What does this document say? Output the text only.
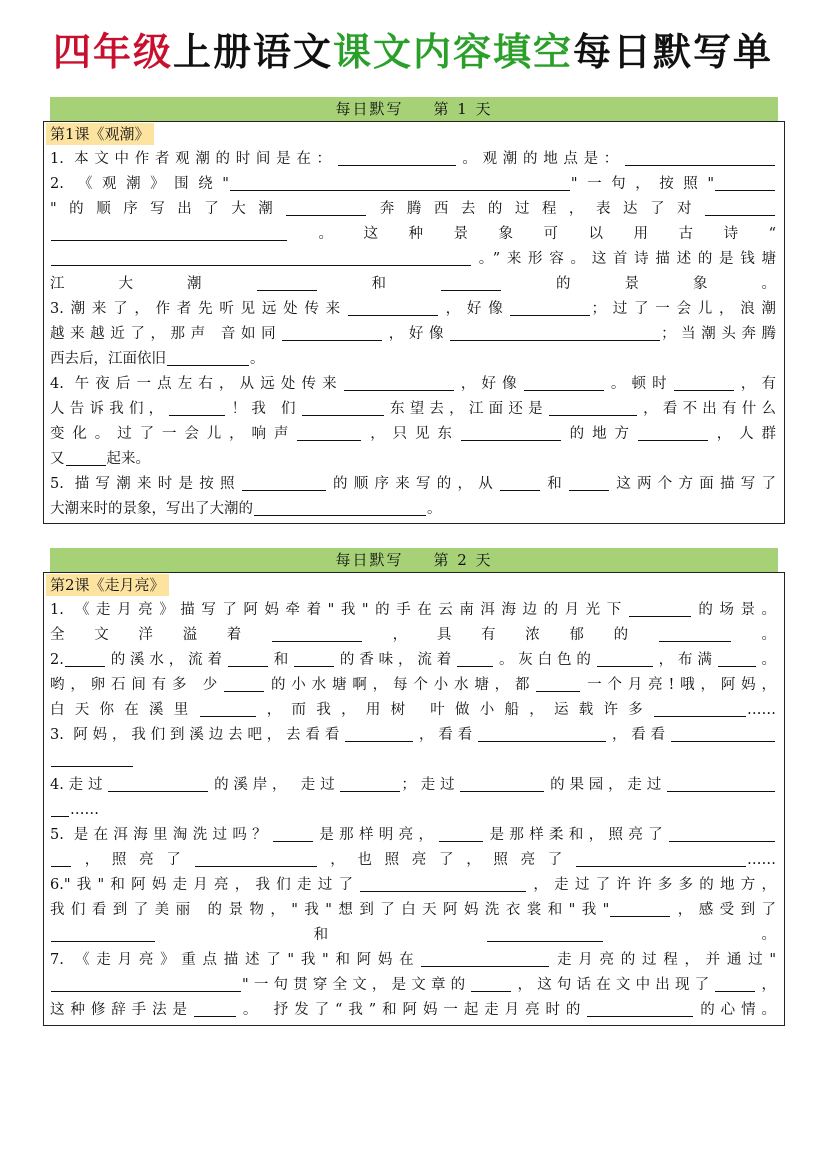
四年级上册语文课文内容填空每日默写单
每日默写 第 1 天
第1课《观潮》
1. 本文中作者观潮的时间是在：	。观潮的地点是：
2. 《观潮》围绕"	"一句，按照"
"的顺序写出了大潮	奔腾西去的过程，表达了对
。这种景象可以用古诗“
。”来形容。这首诗描述的是钱塘
江大潮	和	的景象。
3.潮来了，作者先听见远处传来	，好像	；过了一会儿，浪潮
越来越近了，那声 音如同	，好像	；当潮头奔腾
西去后，江面依旧	。
4. 午夜后一点左右，从远处传来	，好像	。顿时	，有
人告诉我们，	！我 们	东望去，江面还是	，看不出有什么
变化。过了一会儿，响声	，只见东	的地方	，人群
又	起来。
5. 描写潮来时是按照	的顺序来写的，从	和	这两个方面描写了
大潮来时的景象，写出了大潮的	。
每日默写 第 2 天
第2课《走月亮》
1. 《走月亮》描写了阿妈牵着"我"的手在云南洱海边的月光下	的场景。
全文洋溢着	，具有浓郁的	。
2.	的溪水，流着	和	的香味，流着	。灰白色的	，布满	。
哟，卵石间有多 少	的小水塘啊，每个小水塘，都	一个月亮!哦，阿妈，
白天你在溪里	，而我，用树 叶做小船，运载许多	……
3. 阿妈，我们到溪边去吧，去看看	，看看	，看看
4.走过	的溪岸， 走过	；走过	的果园，走过
……
5. 是在洱海里淘洗过吗？	是那样明亮，	是那样柔和，照亮了
，照亮了	，也照亮了，照亮了	……
6."我"和阿妈走月亮，我们走过了	，走过了许许多多的地方，
我们看到了美丽 的景物，"我"想到了白天阿妈洗衣裳和"我"	，感受到了
和	。
7. 《走月亮》重点描述了"我"和阿妈在	走月亮的过程，并通过"
"一句贯穿全文，是文章的	，这句话在文中出现了	，
这种修辞手法是	。 抒发了“我”和阿妈一起走月亮时的	的心情。
